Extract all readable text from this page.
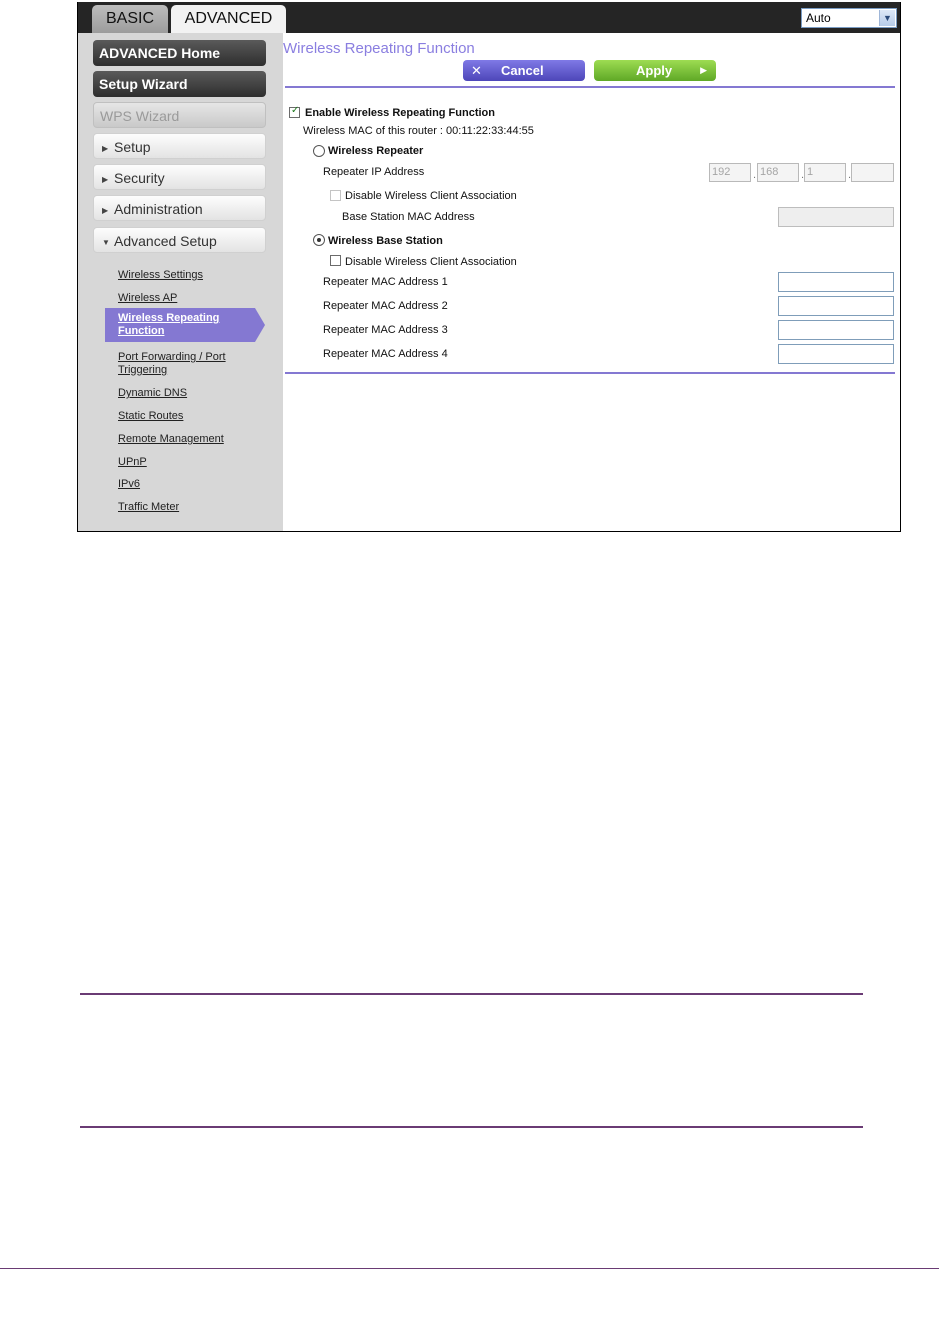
BASIC	ADVANCED	Auto	▼
ADVANCED Home
Setup Wizard
WPS Wizard
▶ Setup
▶ Security
▶ Administration
▼ Advanced Setup
Wireless Settings
Wireless AP
Wireless Repeating Function
Port Forwarding / Port Triggering
Dynamic DNS
Static Routes
Remote Management
UPnP
IPv6
Traffic Meter
Wireless Repeating Function
✕ Cancel	Apply	▶
✓ Enable Wireless Repeating Function
Wireless MAC of this router : 00:11:22:33:44:55
Wireless Repeater
Repeater IP Address	192	. 168	. 1	.
Disable Wireless Client Association
Base Station MAC Address
Wireless Base Station
Disable Wireless Client Association
Repeater MAC Address 1
Repeater MAC Address 2
Repeater MAC Address 3
Repeater MAC Address 4
